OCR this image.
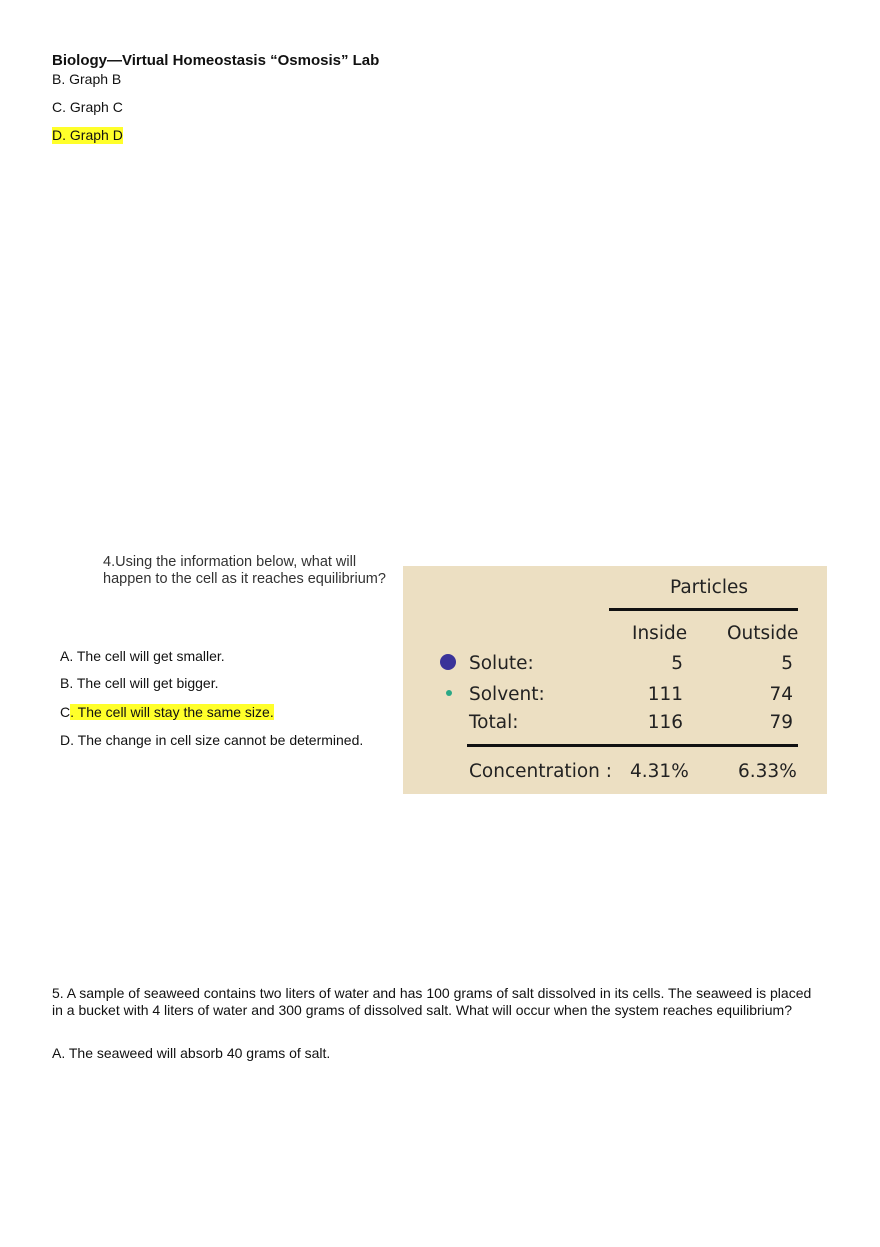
Biology—Virtual Homeostasis “Osmosis” Lab
B. Graph B
C. Graph C
D. Graph D
4.Using the information below, what will happen to the cell as it reaches equilibrium?
A. The cell will get smaller.
B. The cell will get bigger.
C. The cell will stay the same size.
D. The change in cell size cannot be determined.
Particles
Inside Outside
Solute:	5	5
Solvent:	111	74
Total:	116	79
Concentration : 4.31%	6.33%
5. A sample of seaweed contains two liters of water and has 100 grams of salt dissolved in its cells. The seaweed is placed in a bucket with 4 liters of water and 300 grams of dissolved salt. What will occur when the system reaches equilibrium?
A. The seaweed will absorb 40 grams of salt.
